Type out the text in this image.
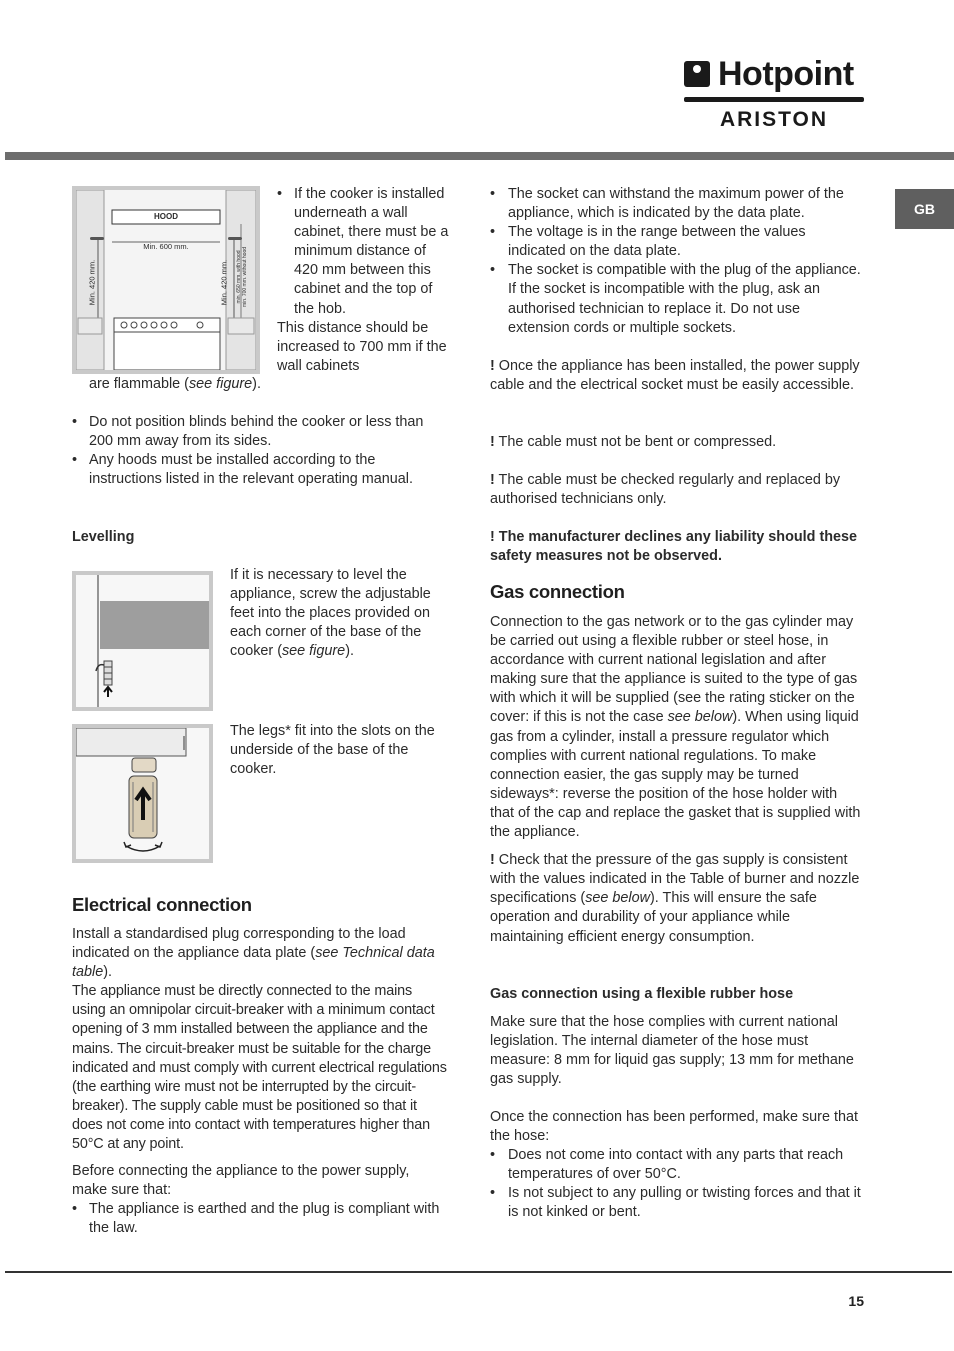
Hotpoint
ARISTON
GB
HOOD
Min. 600 mm.
Min. 420 mm.	Min. 420 mm. min. 650 mm. with hood min. 700 mm. without hood
• If the cooker is installed underneath a wall cabinet, there must be a minimum distance of 420 mm between this cabinet and the top of the hob.

This distance should be increased to 700 mm if the wall cabinets

are flammable (see figure).

• Do not position blinds behind the cooker or less than 200 mm away from its sides.
• Any hoods must be installed according to the instructions listed in the relevant operating manual.
Levelling

If it is necessary to level the appliance, screw the adjustable feet into the places provided on each corner of the base of the cooker (see figure).

The legs* fit into the slots on the underside of the base of the cooker.
Electrical connection

Install a standardised plug corresponding to the load indicated on the appliance data plate (see Technical data table).

The appliance must be directly connected to the mains using an omnipolar circuit-breaker with a minimum contact opening of 3 mm installed between the appliance and the mains. The circuit-breaker must be suitable for the charge indicated and must comply with current electrical regulations (the earthing wire must not be interrupted by the circuit-breaker). The supply cable must be positioned so that it does not come into contact with temperatures higher than 50°C at any point.

Before connecting the appliance to the power supply, make sure that:

• The appliance is earthed and the plug is compliant with the law.
• The socket can withstand the maximum power of the appliance, which is indicated by the data plate.
• The voltage is in the range between the values indicated on the data plate.
• The socket is compatible with the plug of the appliance. If the socket is incompatible with the plug, ask an authorised technician to replace it. Do not use extension cords or multiple sockets.

! Once the appliance has been installed, the power supply cable and the electrical socket must be easily accessible.

! The cable must not be bent or compressed.

! The cable must be checked regularly and replaced by authorised technicians only.

! The manufacturer declines any liability should these safety measures not be observed.

Gas connection

Connection to the gas network or to the gas cylinder may be carried out using a flexible rubber or steel hose, in accordance with current national legislation and after making sure that the appliance is suited to the type of gas with which it will be supplied (see the rating sticker on the cover: if this is not the case see below). When using liquid gas from a cylinder, install a pressure regulator which complies with current national regulations. To make connection easier, the gas supply may be turned sideways*: reverse the position of the hose holder with that of the cap and replace the gasket that is supplied with the appliance.

! Check that the pressure of the gas supply is consistent with the values indicated in the Table of burner and nozzle specifications (see below). This will ensure the safe operation and durability of your appliance while maintaining efficient energy consumption.

Gas connection using a flexible rubber hose

Make sure that the hose complies with current national legislation. The internal diameter of the hose must measure: 8 mm for liquid gas supply; 13 mm for methane gas supply.

Once the connection has been performed, make sure that the hose:

• Does not come into contact with any parts that reach temperatures of over 50°C.
• Is not subject to any pulling or twisting forces and that it is not kinked or bent.
15
